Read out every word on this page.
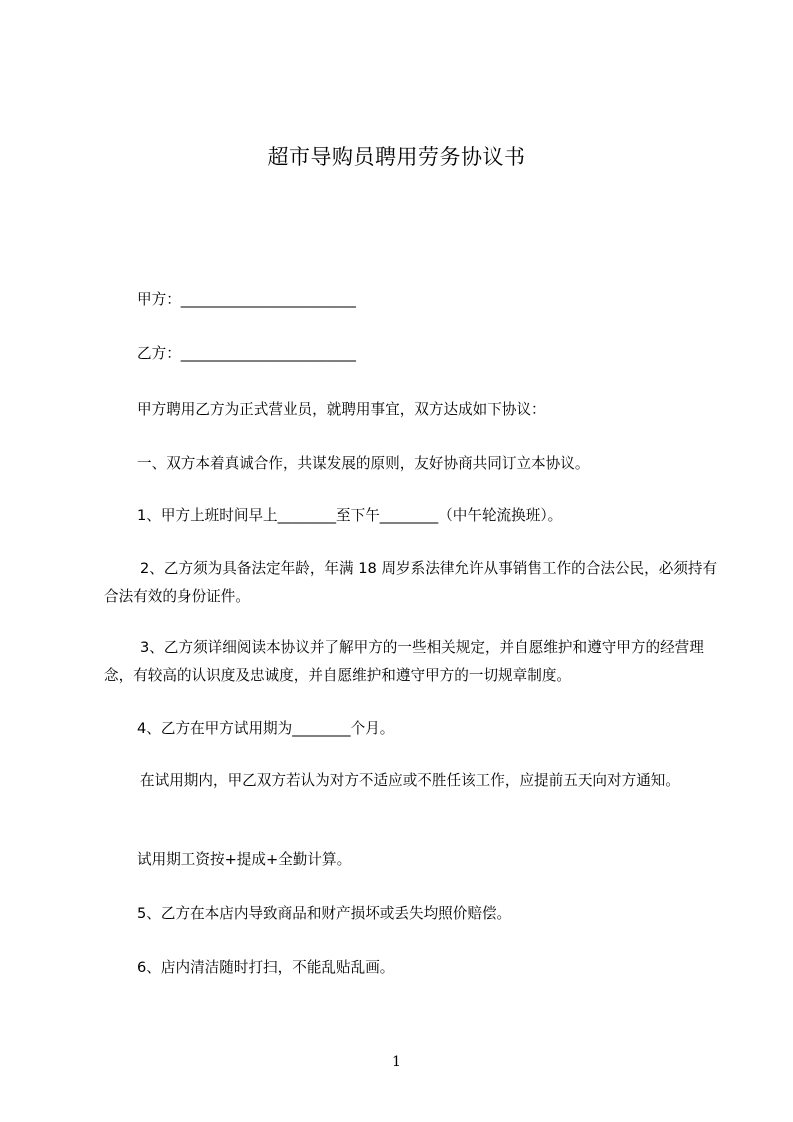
超市导购员聘用劳务协议书
甲方：________________________
乙方：________________________
甲方聘用乙方为正式营业员，就聘用事宜，双方达成如下协议：
一、双方本着真诚合作，共谋发展的原则，友好协商共同订立本协议。
1、甲方上班时间早上________至下午________（中午轮流换班）。
2、乙方须为具备法定年龄，年满 18 周岁系法律允许从事销售工作的合法公民，必须持有合法有效的身份证件。
3、乙方须详细阅读本协议并了解甲方的一些相关规定，并自愿维护和遵守甲方的经营理念，有较高的认识度及忠诚度，并自愿维护和遵守甲方的一切规章制度。
4、乙方在甲方试用期为________个月。
在试用期内，甲乙双方若认为对方不适应或不胜任该工作，应提前五天向对方通知。
试用期工资按+提成+全勤计算。
5、乙方在本店内导致商品和财产损坏或丢失均照价赔偿。
6、店内清洁随时打扫，不能乱贴乱画。
1
